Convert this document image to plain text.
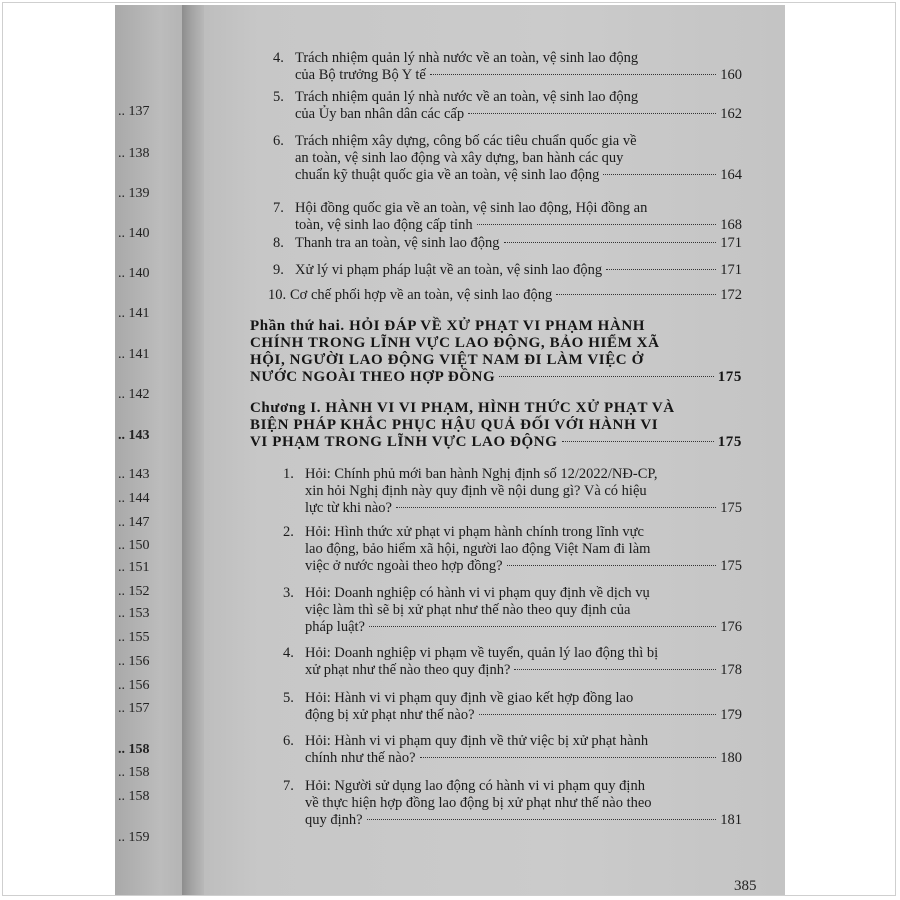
.. 137
.. 138
.. 139
.. 140
.. 140
.. 141
.. 141
.. 142
.. 143
.. 143
.. 144
.. 147
.. 150
.. 151
.. 152
.. 153
.. 155
.. 156
.. 156
.. 157
.. 158
.. 158
.. 158
.. 159
4. Trách nhiệm quản lý nhà nước về an toàn, vệ sinh lao động
của Bộ trưởng Bộ Y tế	160
5. Trách nhiệm quản lý nhà nước về an toàn, vệ sinh lao động
của Ủy ban nhân dân các cấp	162
6. Trách nhiệm xây dựng, công bố các tiêu chuẩn quốc gia về
an toàn, vệ sinh lao động và xây dựng, ban hành các quy
chuẩn kỹ thuật quốc gia về an toàn, vệ sinh lao động	164
7. Hội đồng quốc gia về an toàn, vệ sinh lao động, Hội đồng an
toàn, vệ sinh lao động cấp tỉnh	168
8. Thanh tra an toàn, vệ sinh lao động	171
9. Xử lý vi phạm pháp luật về an toàn, vệ sinh lao động	171
10. Cơ chế phối hợp về an toàn, vệ sinh lao động	172
Phần thứ hai. HỎI ĐÁP VỀ XỬ PHẠT VI PHẠM HÀNH
CHÍNH TRONG LĨNH VỰC LAO ĐỘNG, BẢO HIỂM XÃ
HỘI, NGƯỜI LAO ĐỘNG VIỆT NAM ĐI LÀM VIỆC Ở
NƯỚC NGOÀI THEO HỢP ĐỒNG	175
Chương I. HÀNH VI VI PHẠM, HÌNH THỨC XỬ PHẠT VÀ
BIỆN PHÁP KHẮC PHỤC HẬU QUẢ ĐỐI VỚI HÀNH VI
VI PHẠM TRONG LĨNH VỰC LAO ĐỘNG	175
1. Hỏi: Chính phủ mới ban hành Nghị định số 12/2022/NĐ-CP,
xin hỏi Nghị định này quy định về nội dung gì? Và có hiệu
lực từ khi nào?	175
2. Hỏi: Hình thức xử phạt vi phạm hành chính trong lĩnh vực
lao động, bảo hiểm xã hội, người lao động Việt Nam đi làm
việc ở nước ngoài theo hợp đồng?	175
3. Hỏi: Doanh nghiệp có hành vi vi phạm quy định về dịch vụ
việc làm thì sẽ bị xử phạt như thế nào theo quy định của
pháp luật?	176
4. Hỏi: Doanh nghiệp vi phạm về tuyển, quản lý lao động thì bị
xử phạt như thế nào theo quy định?	178
5. Hỏi: Hành vi vi phạm quy định về giao kết hợp đồng lao
động bị xử phạt như thế nào?	179
6. Hỏi: Hành vi vi phạm quy định về thử việc bị xử phạt hành
chính như thế nào?	180
7. Hỏi: Người sử dụng lao động có hành vi vi phạm quy định
về thực hiện hợp đồng lao động bị xử phạt như thế nào theo
quy định?	181
385
